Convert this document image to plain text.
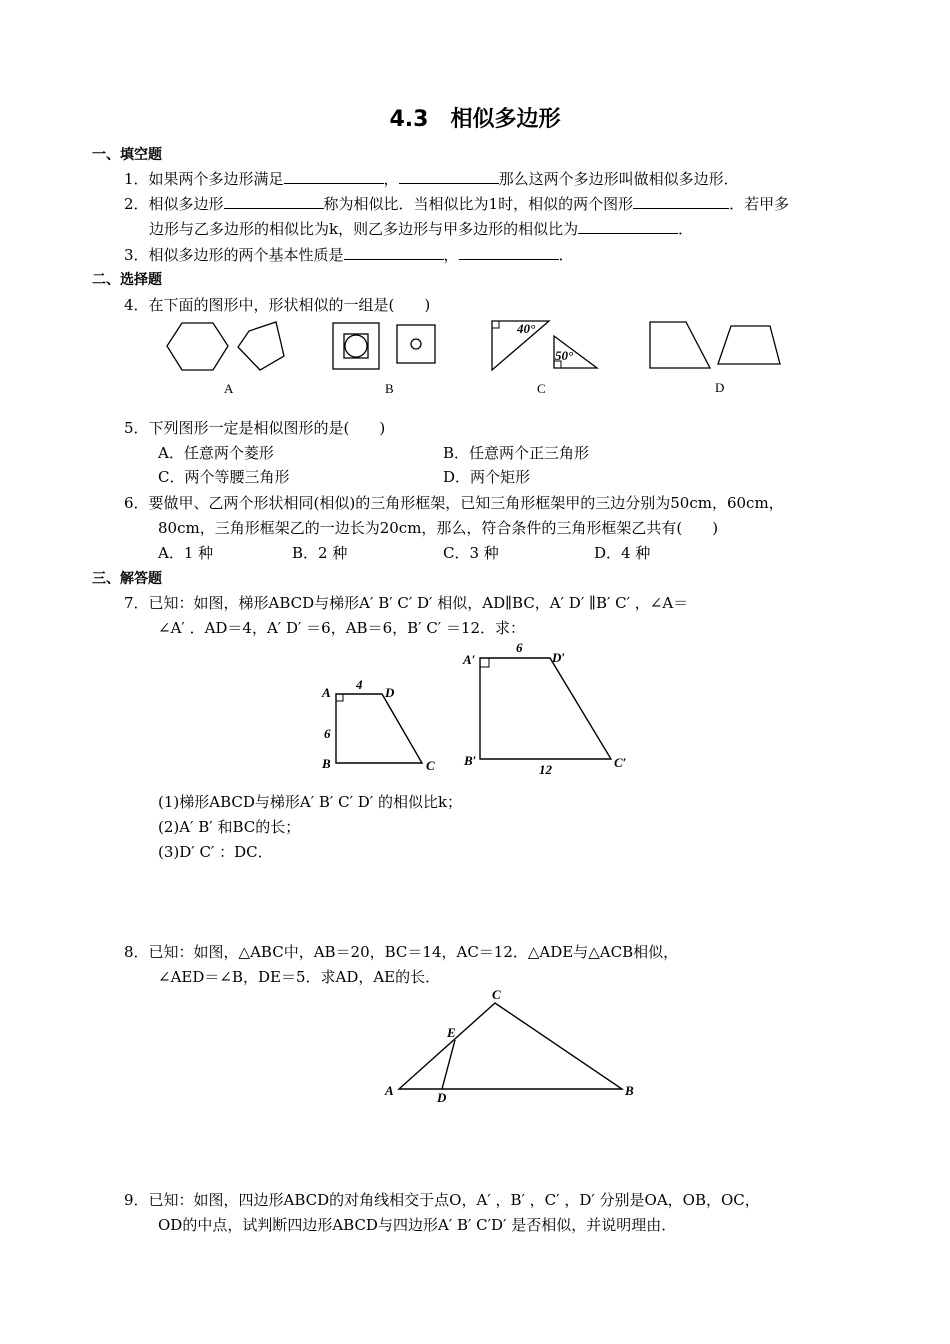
4.3　相似多边形
一、填空题
1．如果两个多边形满足	，	那么这两个多边形叫做相似多边形．
2．相似多边形	称为相似比．当相似比为1时，相似的两个图形	．若甲多
边形与乙多边形的相似比为k，则乙多边形与甲多边形的相似比为	．
3．相似多边形的两个基本性质是	，	．
二、选择题
4．在下面的图形中，形状相似的一组是(　　)
40°
50°
A	B	C	D
A	D
B	C
4
6
A′	D′
B′	C′
6
12
A	B
C
D
E
5．下列图形一定是相似图形的是(　　)
A．任意两个菱形	B．任意两个正三角形
C．两个等腰三角形	D．两个矩形
6．要做甲、乙两个形状相同(相似)的三角形框架，已知三角形框架甲的三边分别为50cm，60cm，
80cm，三角形框架乙的一边长为20cm，那么，符合条件的三角形框架乙共有(　　)
A．1 种	B．2 种	C．3 种	D．4 种
三、解答题
7．已知：如图，梯形ABCD与梯形A′ B′ C′ D′ 相似，AD∥BC，A′ D′ ∥B′ C′ ，∠A＝
∠A′ ．AD＝4，A′ D′ ＝6，AB＝6，B′ C′ ＝12．求：
(1)梯形ABCD与梯形A′ B′ C′ D′ 的相似比k；
(2)A′ B′ 和BC的长；
(3)D′ C′ ：DC．
8．已知：如图，△ABC中，AB＝20，BC＝14，AC＝12．△ADE与△ACB相似，
∠AED＝∠B，DE＝5．求AD，AE的长．
9．已知：如图，四边形ABCD的对角线相交于点O，A′ ，B′ ，C′ ，D′ 分别是OA，OB，OC，
OD的中点，试判断四边形ABCD与四边形A′ B′ C′D′ 是否相似，并说明理由．
